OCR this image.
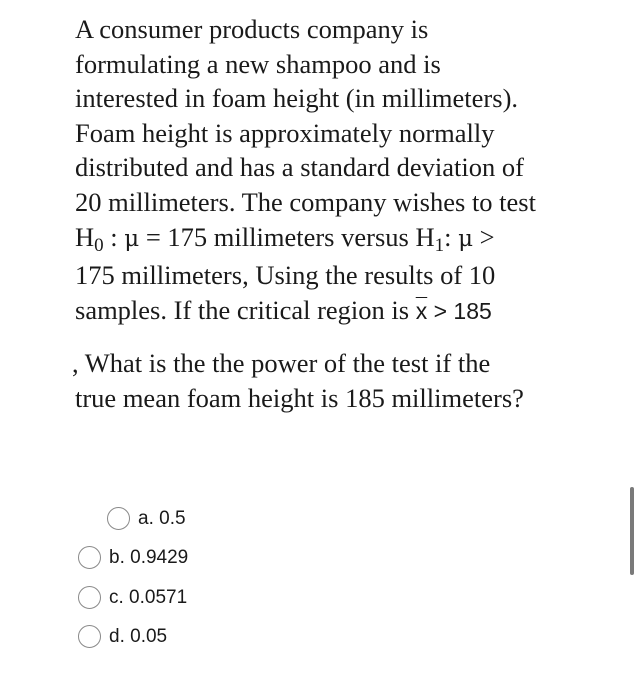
A consumer products company is
formulating a new shampoo and is
interested in foam height (in millimeters).
Foam height is approximately normally
distributed and has a standard deviation of
20 millimeters. The company wishes to test
H0 : μ = 175 millimeters versus H1: μ >
175 millimeters, Using the results of 10
samples. If the critical region is $\overline{x} > 185$
, What is the the power of the test if the
true mean foam height is 185 millimeters?
a. 0.5
b. 0.9429
c. 0.0571
d. 0.05
